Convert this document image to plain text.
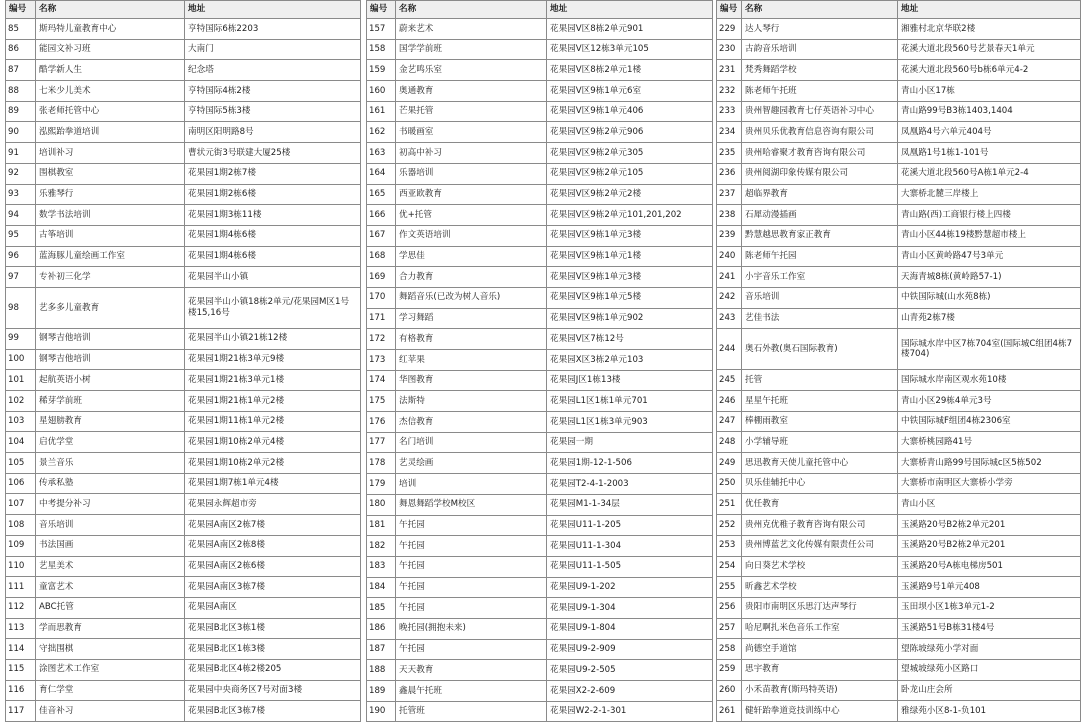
编号	名称	地址
85	斯玛特儿童教育中心	亨特国际6栋2203
86	能园文补习班	大南门
87	酷学新人生	纪念塔
88	七米少儿美术	亨特国际4栋2楼
89	张老师托管中心	亨特国际5栋3楼
90	泓熙跆拳道培训	南明区阳明路8号
91	培训补习	曹状元街3号联建大厦25楼
92	围棋教室	花果园1期2栋7楼
93	乐雅琴行	花果园1期2栋6楼
94	数学书法培训	花果园1期3栋11楼
95	古筝培训	花果园1期4栋6楼
96	蓝海豚儿童绘画工作室	花果园1期4栋6楼
97	专补初三化学	花果园半山小镇
98	艺多多儿童教育	花果园半山小镇18栋2单元/花果园M区1号楼15,16号
99	钢琴吉他培训	花果园半山小镇21栋12楼
100	钢琴吉他培训	花果园1期21栋3单元9楼
101	起航英语小树	花果园1期21栋3单元1楼
102	稀芽学前班	花果园1期21栋1单元2楼
103	星翅膀教育	花果园1期11栋1单元2楼
104	启优学堂	花果园1期10栋2单元4楼
105	景兰音乐	花果园1期10栋2单元2楼
106	传承私塾	花果园1期7栋1单元4楼
107	中考提分补习	花果园永辉超市旁
108	音乐培训	花果园A南区2栋7楼
109	书法国画	花果园A南区2栋8楼
110	艺星美术	花果园A南区2栋6楼
111	童富艺术	花果园A南区3栋7楼
112	ABC托管	花果园A南区
113	学而思教育	花果园B北区3栋1楼
114	守拙围棋	花果园B北区1栋3楼
115	涂图艺术工作室	花果园B北区4栋2楼205
116	育仁学堂	花果园中央商务区7号对面3楼
117	佳音补习	花果园B北区3栋7楼
编号	名称	地址
157	蔚来艺术	花果园V区8栋2单元901
158	国学学前班	花果园V区12栋3单元105
159	金艺鸣乐室	花果园V区8栋2单元1楼
160	奥通教育	花果园V区9栋1单元6室
161	芒果托管	花果园V区9栋1单元406
162	书暖画室	花果园V区9栋2单元906
163	初高中补习	花果园V区9栋2单元305
164	乐器培训	花果园V区9栋2单元105
165	西亚欧教育	花果园V区9栋2单元2楼
166	优+托管	花果园V区9栋2单元101,201,202
167	作文英语培训	花果园V区9栋1单元3楼
168	学思佳	花果园V区9栋1单元1楼
169	合力教育	花果园V区9栋1单元3楼
170	舞蹈音乐(已改为树人音乐)	花果园V区9栋1单元5楼
171	学习舞蹈	花果园V区9栋1单元902
172	有格教育	花果园V区7栋12号
173	红苹果	花果园X区3栋2单元103
174	华图教育	花果园J区1栋13楼
175	法斯特	花果园L1区1栋1单元701
176	杰信教育	花果园L1区1栋3单元903
177	名门培训	花果园一期
178	艺灵绘画	花果园1期-12-1-506
179	培训	花果园T2-4-1-2003
180	舞恩舞蹈学校M校区	花果园M1-1-34层
181	午托园	花果园U11-1-205
182	午托园	花果园U11-1-304
183	午托园	花果园U11-1-505
184	午托园	花果园U9-1-202
185	午托园	花果园U9-1-304
186	晚托园(拥抱未来)	花果园U9-1-804
187	午托园	花果园U9-2-909
188	天天教育	花果园U9-2-505
189	鑫晨午托班	花果园X2-2-609
190	托管班	花果园W2-2-1-301
编号	名称	地址
229	达人琴行	湘雅村北京华联2楼
230	古韵音乐培训	花溪大道北段560号艺景春天1单元
231	梵秀舞蹈学校	花溪大道北段560号b栋6单元4-2
232	陈老师午托班	青山小区17栋
233	贵州智趣园教育七仔英语补习中心	青山路99号B3栋1403,1404
234	贵州贝乐优教育信息咨询有限公司	凤凰路4号六单元404号
235	贵州哈睿聚才教育咨询有限公司	凤凰路1号1栋1-101号
236	贵州阅湖印象传媒有限公司	花溪大道北段560号A栋1单元2-4
237	超临界教育	大寨桥北麓三岸楼上
238	石犀动漫插画	青山路(西)工商银行楼上四楼
239	黔慧越思教育家正教育	青山小区44栋19楼黔慧超市楼上
240	陈老师午托园	青山小区黄岭路47号3单元
241	小宇音乐工作室	天海青城8栋(黄岭路57-1)
242	音乐培训	中铁国际城(山水苑8栋)
243	艺佳书法	山青苑2栋7楼
244	奥石外教(奥石国际教育)	国际城水岸中区7栋704室(国际城C组团4栋7楼704)
245	托管	国际城水岸南区观水苑10楼
246	星星午托班	青山小区29栋4单元3号
247	棒棚雨教室	中铁国际城F组团4栋2306室
248	小学辅导班	大寨桥桃园路41号
249	思迅教育天使儿童托管中心	大寨桥青山路99号国际城c区5栋502
250	贝乐佳辅托中心	大寨桥市南明区大寨桥小学旁
251	优任教育	青山小区
252	贵州克优稚子教育咨询有限公司	玉溪路20号B2栋2单元201
253	贵州博蓝艺文化传媒有限责任公司	玉溪路20号B2栋2单元201
254	向日葵艺术学校	玉溪路20号A栋电梯房501
255	昕鑫艺术学校	玉溪路9号1单元408
256	贵阳市南明区乐思汀达声琴行	玉田坝小区1栋3单元1-2
257	哈尼啊扎米色音乐工作室	玉溪路51号B栋31楼4号
258	尚德空手道馆	望陈坡绿苑小学对面
259	思宇教育	望城坡绿苑小区路口
260	小禾苗教育(斯玛特英语)	卧龙山庄会所
261	健轩跆拳道竞技训练中心	雅绿苑小区8-1-负101
